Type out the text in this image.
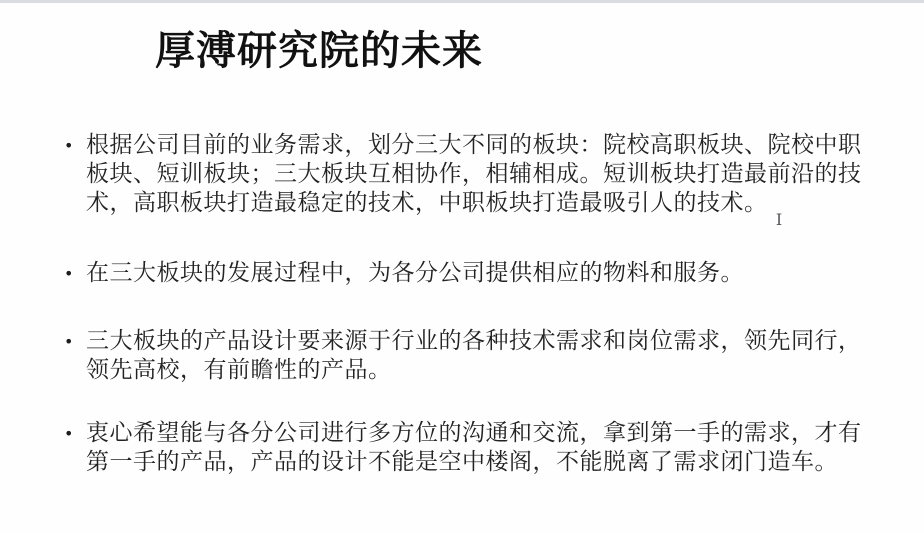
厚溥研究院的未来
• 根据公司目前的业务需求，划分三大不同的板块：院校高职板块、院校中职
板块、短训板块；三大板块互相协作，相辅相成。短训板块打造最前沿的技
术，高职板块打造最稳定的技术，中职板块打造最吸引人的技术。
• 在三大板块的发展过程中，为各分公司提供相应的物料和服务。
• 三大板块的产品设计要来源于行业的各种技术需求和岗位需求，领先同行，
领先高校，有前瞻性的产品。
• 衷心希望能与各分公司进行多方位的沟通和交流，拿到第一手的需求，才有
第一手的产品，产品的设计不能是空中楼阁，不能脱离了需求闭门造车。
I
